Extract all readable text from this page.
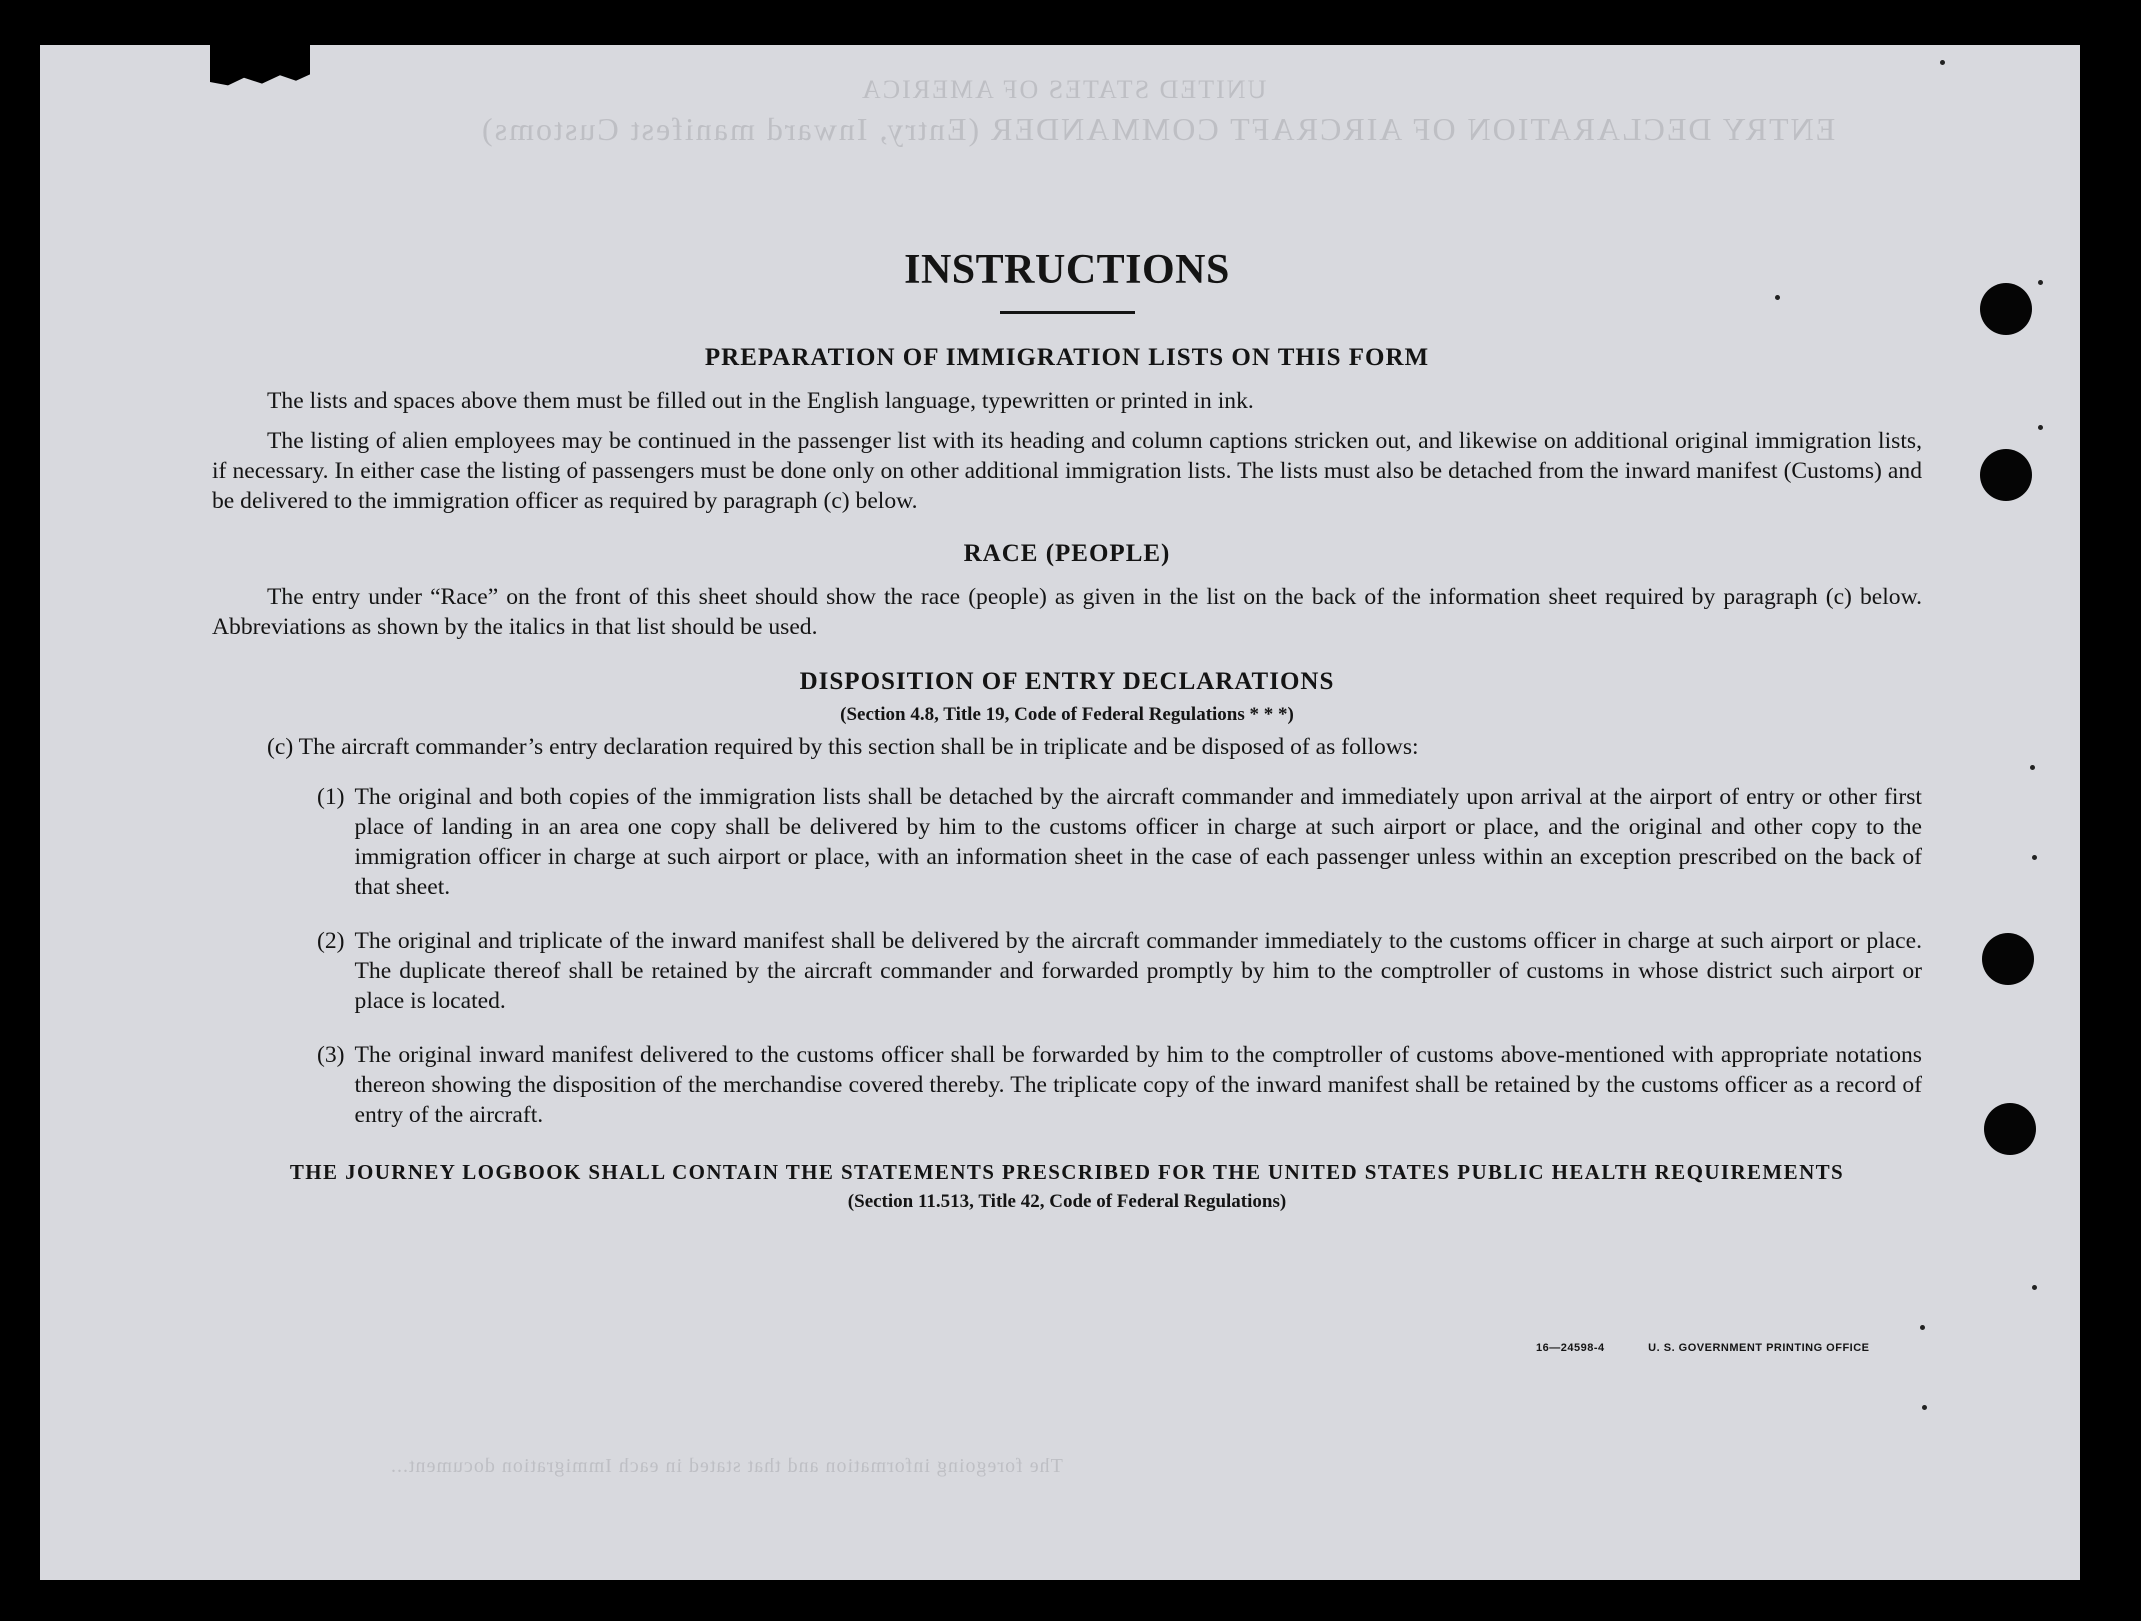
UNITED STATES OF AMERICA
ENTRY DECLARATION OF AIRCRAFT COMMANDER (Entry, Inward manifest Customs)
The foregoing information and that stated in each Immigration document...
INSTRUCTIONS
PREPARATION OF IMMIGRATION LISTS ON THIS FORM

The lists and spaces above them must be filled out in the English language, typewritten or printed in ink.

The listing of alien employees may be continued in the passenger list with its heading and column captions stricken out, and likewise on additional original immigration lists, if necessary. In either case the listing of passengers must be done only on other additional immigration lists. The lists must also be detached from the inward manifest (Customs) and be delivered to the immigration officer as required by paragraph (c) below.

RACE (PEOPLE)

The entry under “Race” on the front of this sheet should show the race (people) as given in the list on the back of the information sheet required by paragraph (c) below. Abbreviations as shown by the italics in that list should be used.

DISPOSITION OF ENTRY DECLARATIONS
(Section 4.8, Title 19, Code of Federal Regulations * * *)

(c) The aircraft commander’s entry declaration required by this section shall be in triplicate and be disposed of as follows:

(1) The original and both copies of the immigration lists shall be detached by the aircraft commander and immediately upon arrival at the airport of entry or other first place of landing in an area one copy shall be delivered by him to the customs officer in charge at such airport or place, and the original and other copy to the immigration officer in charge at such airport or place, with an information sheet in the case of each passenger unless within an exception prescribed on the back of that sheet.
(2) The original and triplicate of the inward manifest shall be delivered by the aircraft commander immediately to the customs officer in charge at such airport or place. The duplicate thereof shall be retained by the aircraft commander and forwarded promptly by him to the comptroller of customs in whose district such airport or place is located.
(3) The original inward manifest delivered to the customs officer shall be forwarded by him to the comptroller of customs above-mentioned with appropriate notations thereon showing the disposition of the merchandise covered thereby. The triplicate copy of the inward manifest shall be retained by the customs officer as a record of entry of the aircraft.
THE JOURNEY LOGBOOK SHALL CONTAIN THE STATEMENTS PRESCRIBED FOR THE UNITED STATES PUBLIC HEALTH REQUIREMENTS
(Section 11.513, Title 42, Code of Federal Regulations)
16—24598-4	U. S. GOVERNMENT PRINTING OFFICE
